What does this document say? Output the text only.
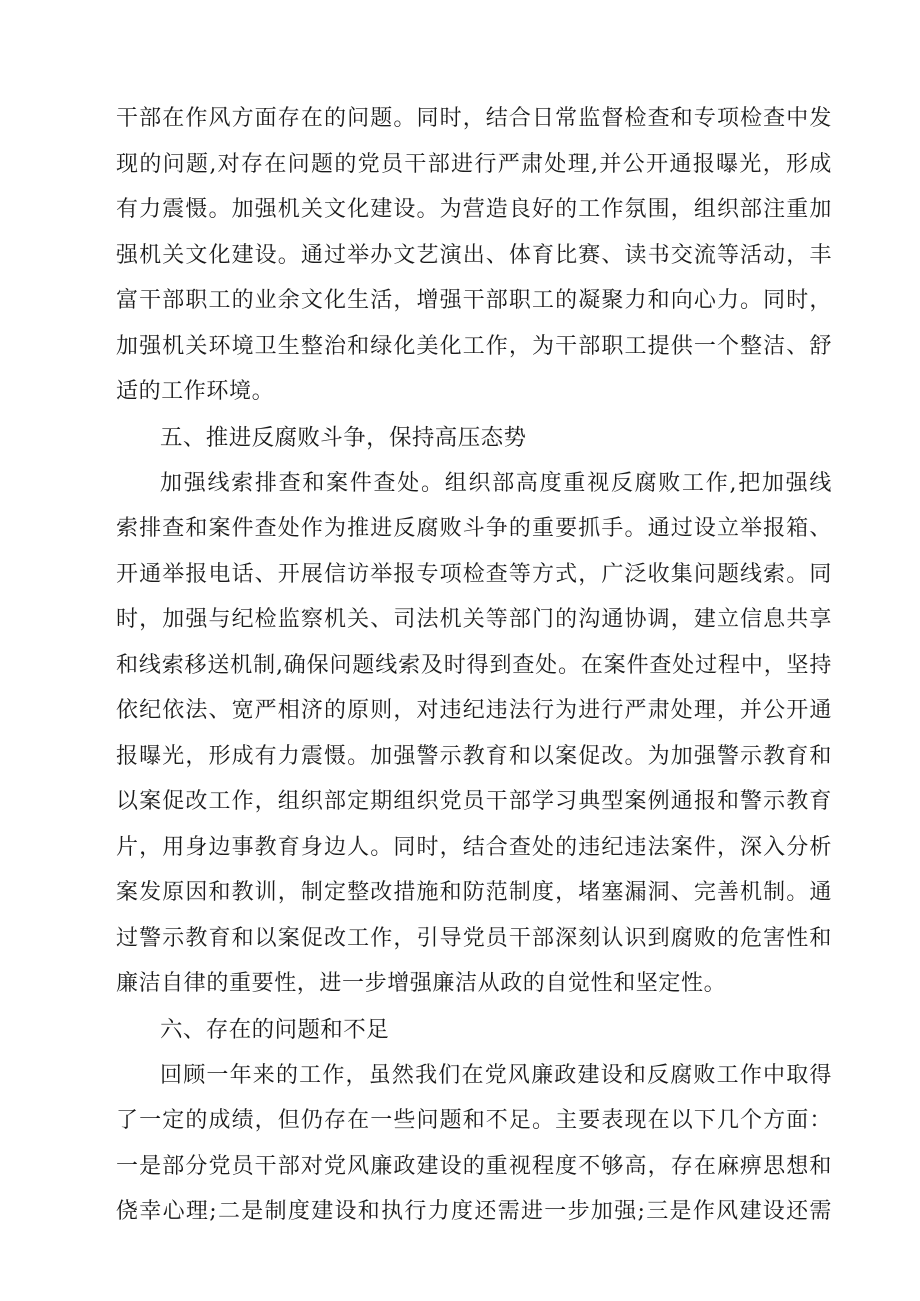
干部在作风方面存在的问题。同时，结合日常监督检查和专项检查中发
现的问题,对存在问题的党员干部进行严肃处理,并公开通报曝光，形成
有力震慑。加强机关文化建设。为营造良好的工作氛围，组织部注重加
强机关文化建设。通过举办文艺演出、体育比赛、读书交流等活动，丰
富干部职工的业余文化生活，增强干部职工的凝聚力和向心力。同时，
加强机关环境卫生整治和绿化美化工作，为干部职工提供一个整洁、舒
适的工作环境。
五、推进反腐败斗争，保持高压态势
加强线索排查和案件查处。组织部高度重视反腐败工作,把加强线
索排查和案件查处作为推进反腐败斗争的重要抓手。通过设立举报箱、
开通举报电话、开展信访举报专项检查等方式，广泛收集问题线索。同
时，加强与纪检监察机关、司法机关等部门的沟通协调，建立信息共享
和线索移送机制,确保问题线索及时得到查处。在案件查处过程中，坚持
依纪依法、宽严相济的原则，对违纪违法行为进行严肃处理，并公开通
报曝光，形成有力震慑。加强警示教育和以案促改。为加强警示教育和
以案促改工作，组织部定期组织党员干部学习典型案例通报和警示教育
片，用身边事教育身边人。同时，结合查处的违纪违法案件，深入分析
案发原因和教训，制定整改措施和防范制度，堵塞漏洞、完善机制。通
过警示教育和以案促改工作，引导党员干部深刻认识到腐败的危害性和
廉洁自律的重要性，进一步增强廉洁从政的自觉性和坚定性。
六、存在的问题和不足
回顾一年来的工作，虽然我们在党风廉政建设和反腐败工作中取得
了一定的成绩，但仍存在一些问题和不足。主要表现在以下几个方面：
一是部分党员干部对党风廉政建设的重视程度不够高，存在麻痹思想和
侥幸心理;二是制度建设和执行力度还需进一步加强;三是作风建设还需
